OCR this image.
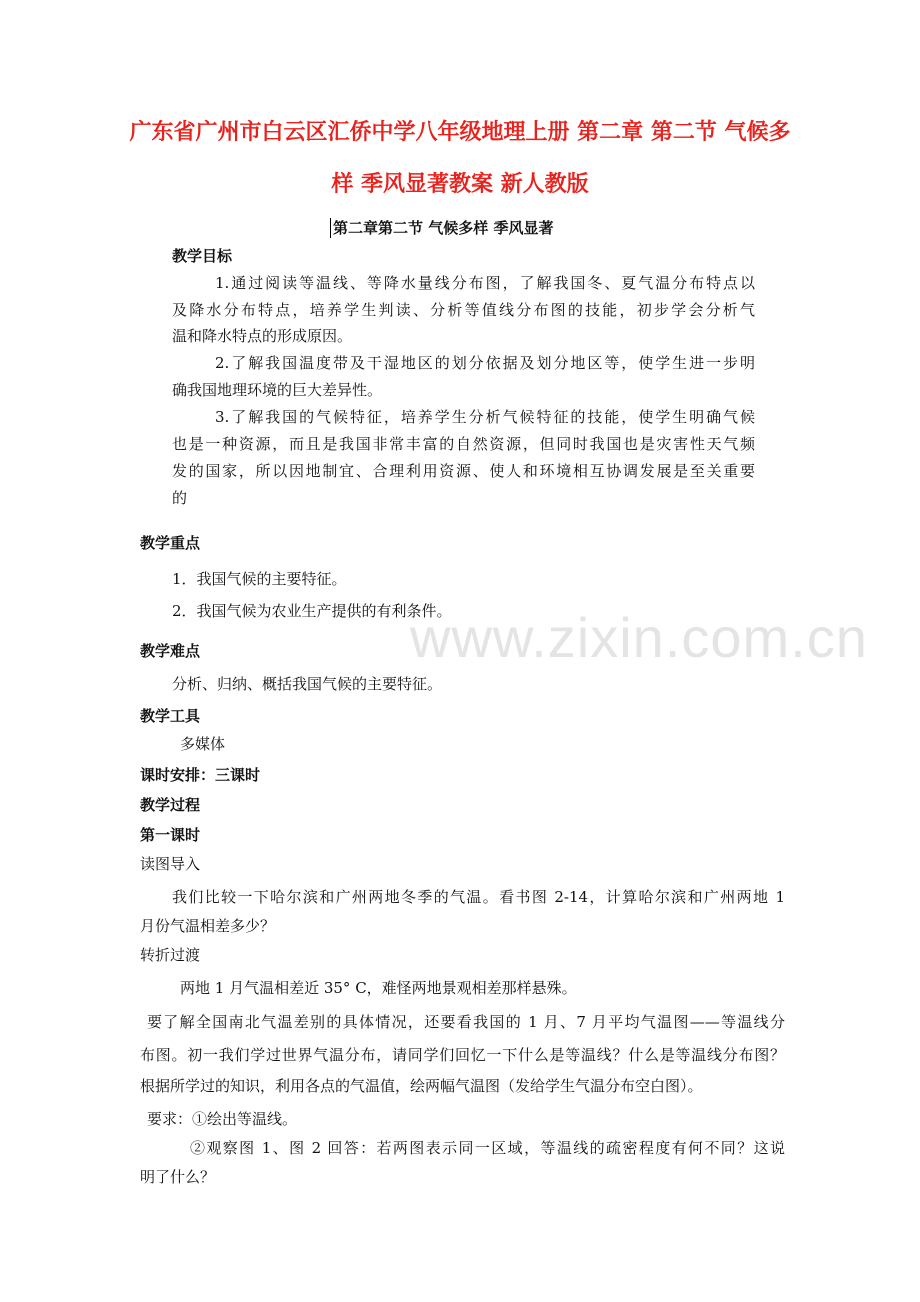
www.zixin.com.cn
广东省广州市白云区汇侨中学八年级地理上册 第二章 第二节 气候多
样 季风显著教案 新人教版
第二章第二节 气候多样 季风显著
教学目标
1.通过阅读等温线、等降水量线分布图，了解我国冬、夏气温分布特点以
及降水分布特点，培养学生判读、分析等值线分布图的技能，初步学会分析气
温和降水特点的形成原因。
2.了解我国温度带及干湿地区的划分依据及划分地区等，使学生进一步明
确我国地理环境的巨大差异性。
3.了解我国的气候特征，培养学生分析气候特征的技能，使学生明确气候
也是一种资源，而且是我国非常丰富的自然资源，但同时我国也是灾害性天气频
发的国家，所以因地制宜、合理利用资源、使人和环境相互协调发展是至关重要
的
教学重点
1．我国气候的主要特征。
2．我国气候为农业生产提供的有利条件。
教学难点
分析、归纳、概括我国气候的主要特征。
教学工具
多媒体
课时安排：三课时
教学过程
第一课时
读图导入
我们比较一下哈尔滨和广州两地冬季的气温。看书图 2-14，计算哈尔滨和广州两地 1
月份气温相差多少？
转折过渡
两地 1 月气温相差近 35° C，难怪两地景观相差那样悬殊。
要了解全国南北气温差别的具体情况，还要看我国的 1 月、7 月平均气温图——等温线分
布图。初一我们学过世界气温分布，请同学们回忆一下什么是等温线？什么是等温线分布图？
根据所学过的知识，利用各点的气温值，绘两幅气温图（发给学生气温分布空白图）。
要求：①绘出等温线。
②观察图 1、图 2 回答：若两图表示同一区域，等温线的疏密程度有何不同？这说
明了什么？
